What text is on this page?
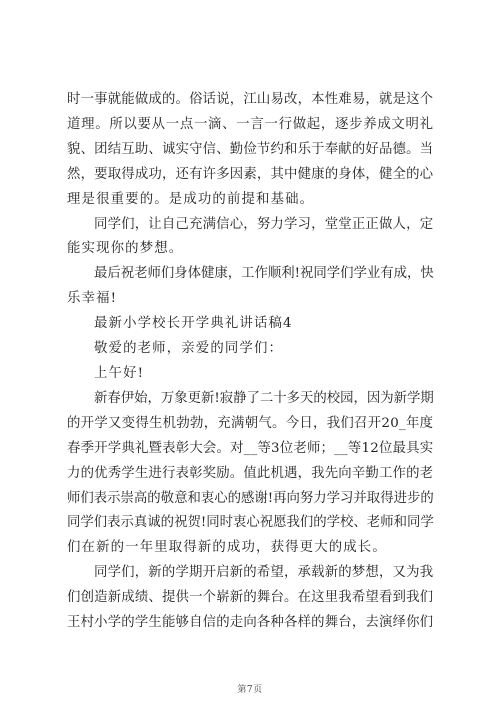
时一事就能做成的。俗话说，江山易改，本性难易，就是这个
道理。所以要从一点一滴、一言一行做起，逐步养成文明礼
貌、团结互助、诚实守信、勤俭节约和乐于奉献的好品德。当
然，要取得成功，还有许多因素，其中健康的身体，健全的心
理是很重要的。是成功的前提和基础。

同学们，让自己充满信心，努力学习，堂堂正正做人，定
能实现你的梦想。

最后祝老师们身体健康，工作顺利!祝同学们学业有成，快
乐幸福!

最新小学校长开学典礼讲话稿4

敬爱的老师，亲爱的同学们：

上午好!

新春伊始，万象更新!寂静了二十多天的校园，因为新学期
的开学又变得生机勃勃，充满朝气。今日，我们召开20_年度
春季开学典礼暨表彰大会。对__等3位老师；__等12位最具实
力的优秀学生进行表彰奖励。值此机遇，我先向辛勤工作的老
师们表示崇高的敬意和衷心的感谢!再向努力学习并取得进步的
同学们表示真诚的祝贺!同时衷心祝愿我们的学校、老师和同学
们在新的一年里取得新的成功，获得更大的成长。

同学们，新的学期开启新的希望，承载新的梦想，又为我
们创造新成绩、提供一个崭新的舞台。在这里我希望看到我们
王村小学的学生能够自信的走向各种各样的舞台，去演绎你们

第7页
